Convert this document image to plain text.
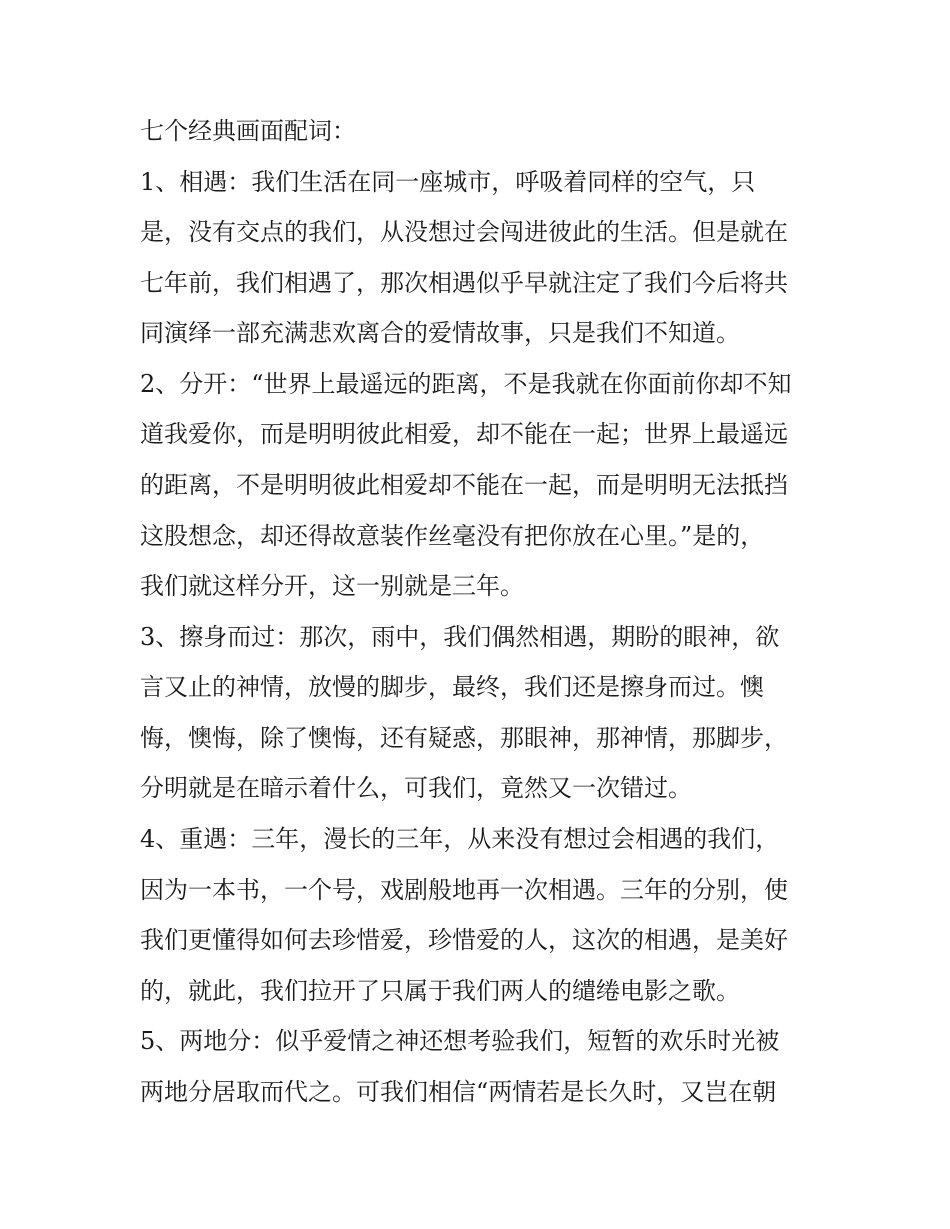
七个经典画面配词：
1、相遇：我们生活在同一座城市，呼吸着同样的空气，只
是，没有交点的我们，从没想过会闯进彼此的生活。但是就在
七年前，我们相遇了，那次相遇似乎早就注定了我们今后将共
同演绎一部充满悲欢离合的爱情故事，只是我们不知道。
2、分开：“世界上最遥远的距离，不是我就在你面前你却不知
道我爱你，而是明明彼此相爱，却不能在一起；世界上最遥远
的距离，不是明明彼此相爱却不能在一起，而是明明无法抵挡
这股想念，却还得故意装作丝毫没有把你放在心里。”是的，
我们就这样分开，这一别就是三年。
3、擦身而过：那次，雨中，我们偶然相遇，期盼的眼神，欲
言又止的神情，放慢的脚步，最终，我们还是擦身而过。懊
悔，懊悔，除了懊悔，还有疑惑，那眼神，那神情，那脚步，
分明就是在暗示着什么，可我们，竟然又一次错过。
4、重遇：三年，漫长的三年，从来没有想过会相遇的我们，
因为一本书，一个号，戏剧般地再一次相遇。三年的分别，使
我们更懂得如何去珍惜爱，珍惜爱的人，这次的相遇，是美好
的，就此，我们拉开了只属于我们两人的缱绻电影之歌。
5、两地分：似乎爱情之神还想考验我们，短暂的欢乐时光被
两地分居取而代之。可我们相信“两情若是长久时，又岂在朝
